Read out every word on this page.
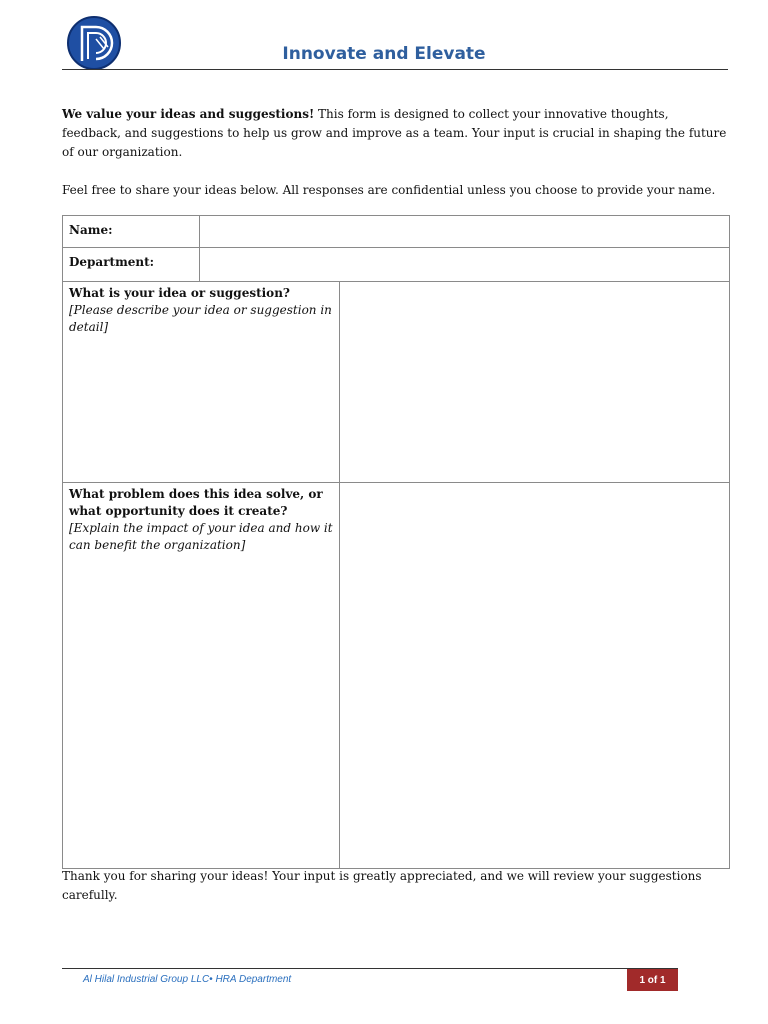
Innovate and Elevate
We value your ideas and suggestions! This form is designed to collect your innovative thoughts, feedback, and suggestions to help us grow and improve as a team. Your input is crucial in shaping the future of our organization.
Feel free to share your ideas below. All responses are confidential unless you choose to provide your name.
Name:		
Department:		

What is your idea or suggestion?
[Please describe your idea or suggestion in detail]		

What problem does this idea solve, or what opportunity does it create?
[Explain the impact of your idea and how it can benefit the organization]		

Thank you for sharing your ideas! Your input is greatly appreciated, and we will review your suggestions carefully.
Al Hilal Industrial Group LLC• HRA Department	1 of 1
